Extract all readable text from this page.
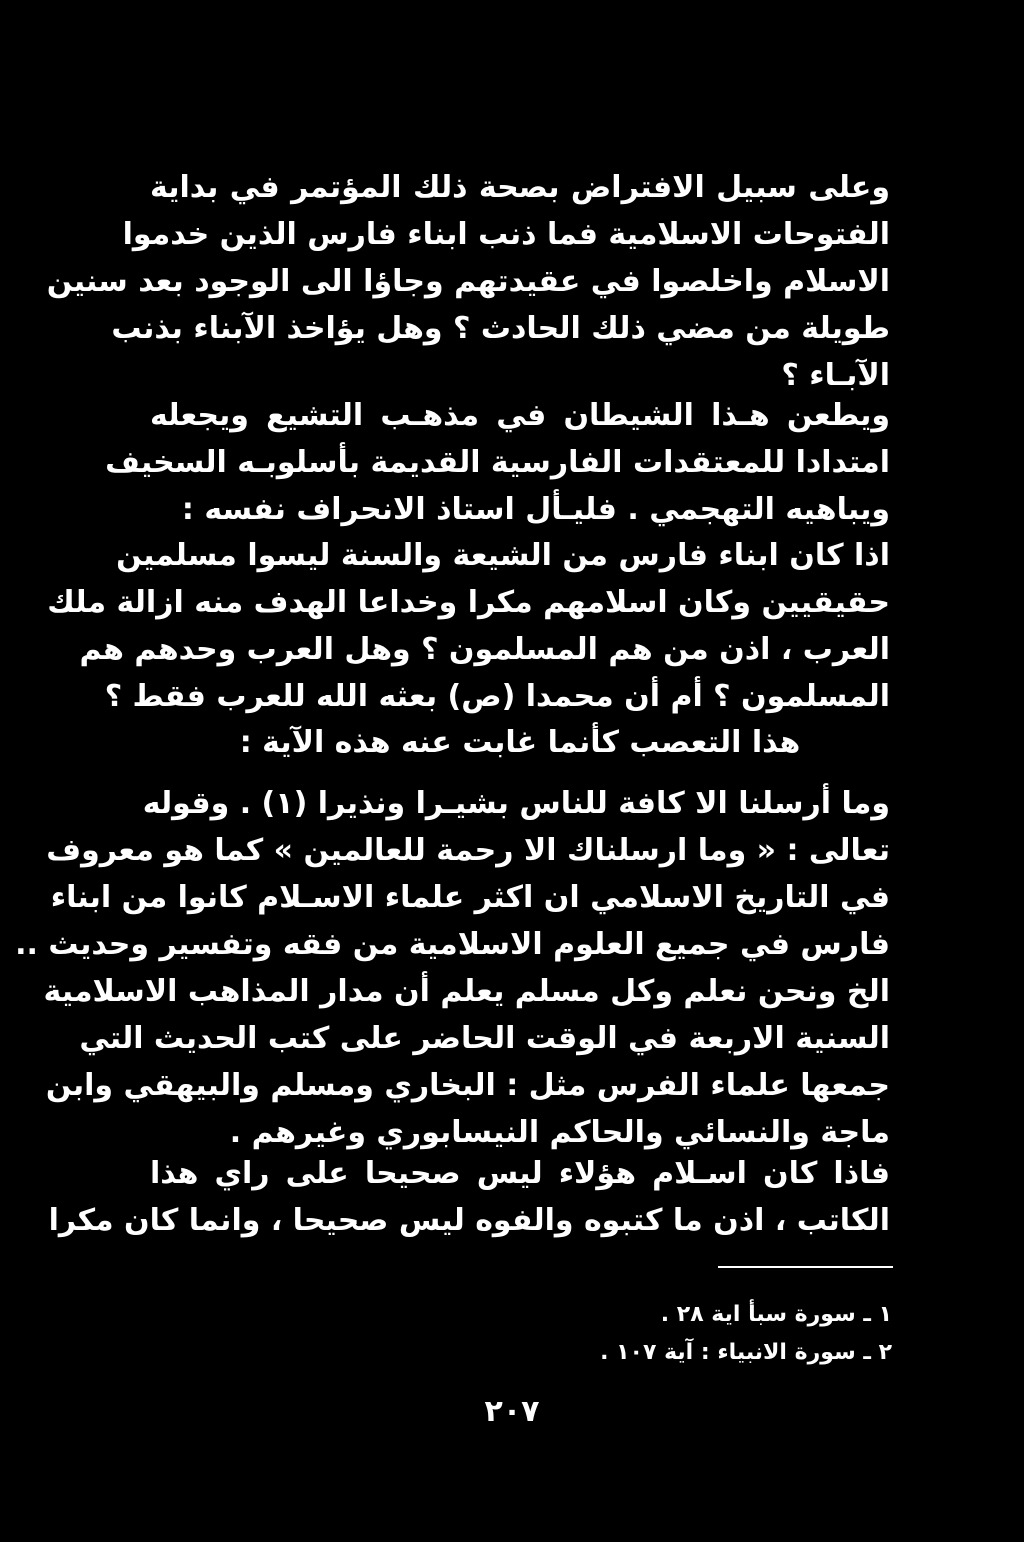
وعلى سبيل الافتراض بصحة ذلك المؤتمر في بداية
الفتوحات الاسلامية فما ذنب ابناء فارس الذين خدموا
الاسلام واخلصوا في عقيدتهم وجاؤا الى الوجود بعد سنين
طويلة من مضي ذلك الحادث ؟ وهل يؤاخذ الآبناء بذنب
الآبـاء ؟
ويطعن هـذا الشيطان في مذهـب التشيع ويجعله
امتدادا للمعتقدات الفارسية القديمة بأسلوبـه السخيف
ويباهيه التهجمي . فليـأل استاذ الانحراف نفسه :
اذا كان ابناء فارس من الشيعة والسنة ليسوا مسلمين
حقيقيين وكان اسلامهم مكرا وخداعا الهدف منه ازالة ملك
العرب ، اذن من هم المسلمون ؟ وهل العرب وحدهم هم
المسلمون ؟ أم أن محمدا (ص) بعثه الله للعرب فقط ؟
هذا التعصب كأنما غابت عنه هذه الآية :
وما أرسلنا الا كافة للناس بشيـرا ونذيرا (١) . وقوله
تعالى : « وما ارسلناك الا رحمة للعالمين » كما هو معروف
في التاريخ الاسلامي ان اكثر علماء الاسـلام كانوا من ابناء
فارس في جميع العلوم الاسلامية من فقه وتفسير وحديث ..
الخ ونحن نعلم وكل مسلم يعلم أن مدار المذاهب الاسلامية
السنية الاربعة في الوقت الحاضر على كتب الحديث التي
جمعها علماء الفرس مثل : البخاري ومسلم والبيهقي وابن
ماجة والنسائي والحاكم النيسابوري وغيرهم .
فاذا كان اسـلام هؤلاء ليس صحيحا على راي هذا
الكاتب ، اذن ما كتبوه والفوه ليس صحيحا ، وانما كان مكرا
١ ـ سورة سبأ اية ٢٨ .
٢ ـ سورة الانبياء : آية ١٠٧ .
٢٠٧
